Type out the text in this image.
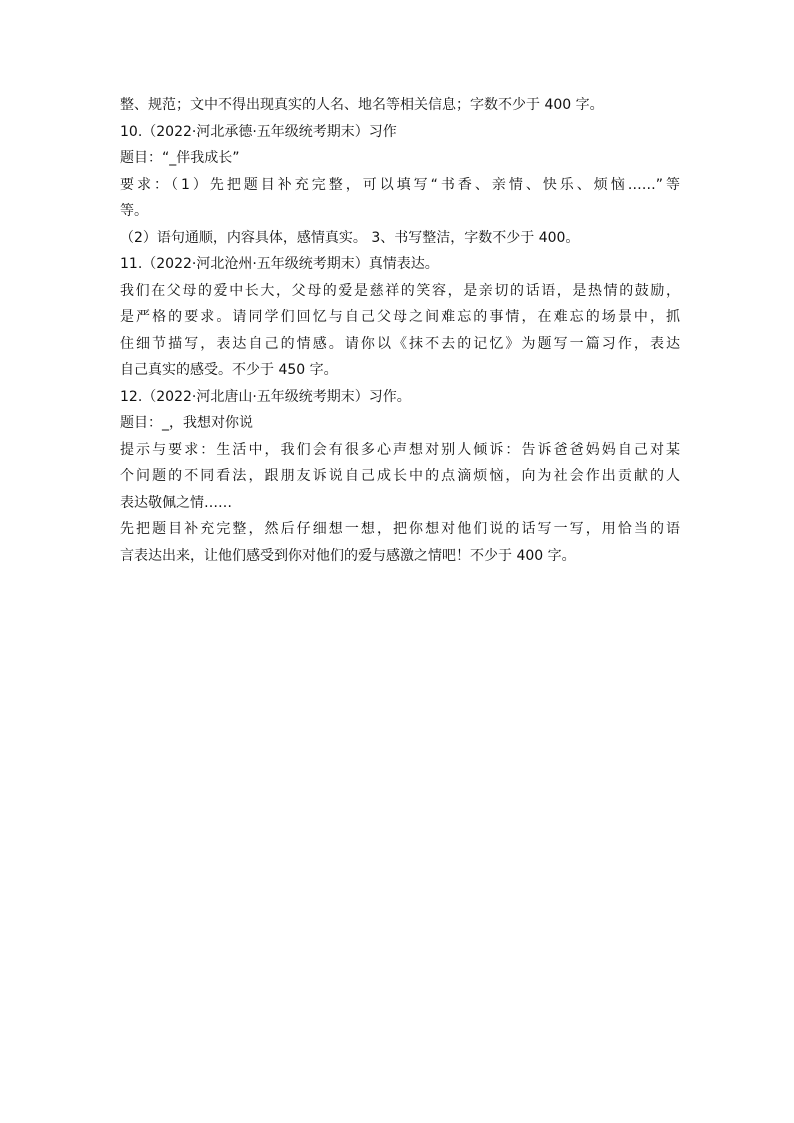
整、规范；文中不得出现真实的人名、地名等相关信息；字数不少于 400 字。

10.（2022·河北承德·五年级统考期末）习作

题目：“_伴我成长”

要求：（1）先把题目补充完整，可以填写“书香、亲情、快乐、烦恼……”等

等。

（2）语句通顺，内容具体，感情真实。 3、书写整洁，字数不少于 400。

11.（2022·河北沧州·五年级统考期末）真情表达。

我们在父母的爱中长大，父母的爱是慈祥的笑容，是亲切的话语，是热情的鼓励，

是严格的要求。请同学们回忆与自己父母之间难忘的事情，在难忘的场景中，抓

住细节描写，表达自己的情感。请你以《抹不去的记忆》为题写一篇习作，表达

自己真实的感受。不少于 450 字。

12.（2022·河北唐山·五年级统考期末）习作。

题目：_，我想对你说

提示与要求：生活中，我们会有很多心声想对别人倾诉：告诉爸爸妈妈自己对某

个问题的不同看法，跟朋友诉说自己成长中的点滴烦恼，向为社会作出贡献的人

表达敬佩之情……

先把题目补充完整，然后仔细想一想，把你想对他们说的话写一写，用恰当的语

言表达出来，让他们感受到你对他们的爱与感激之情吧！不少于 400 字。
